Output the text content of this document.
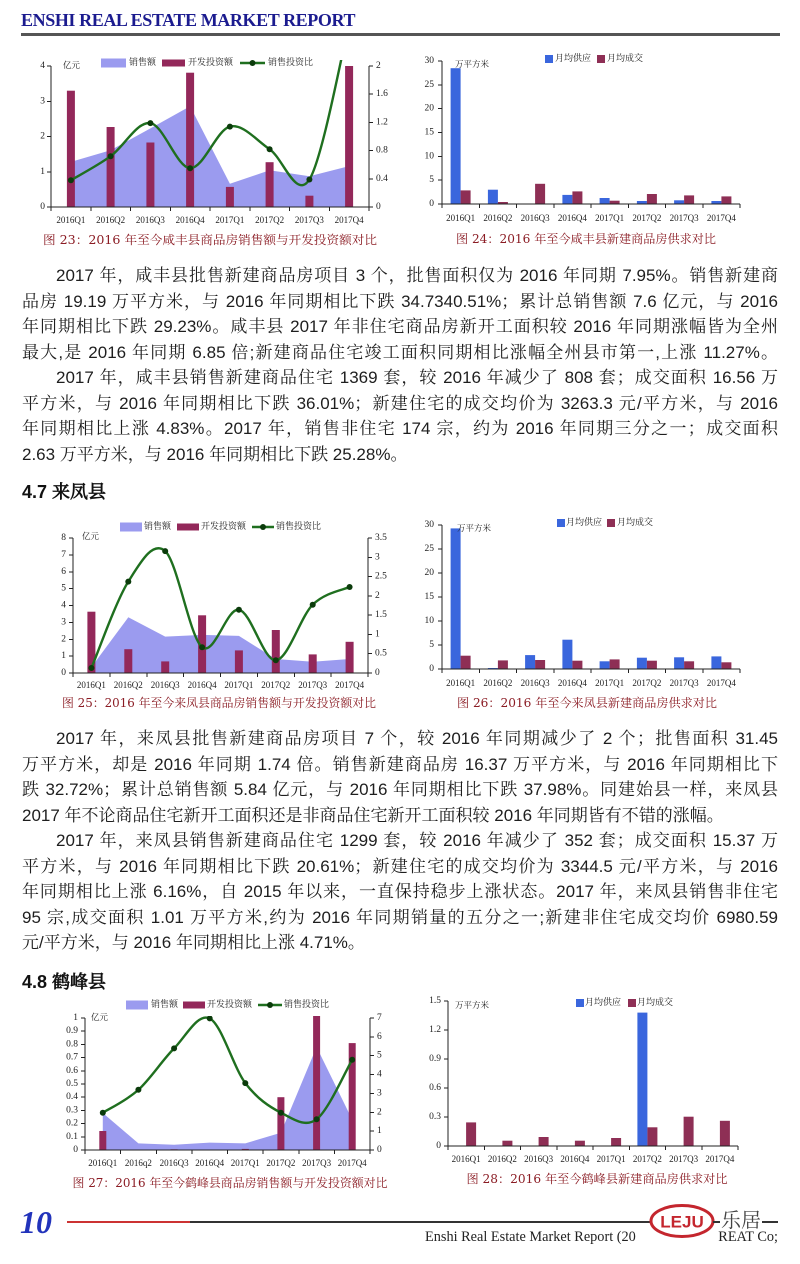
销售额	开发投资额	销售投资比
0
0.4
0.8
1.2
1.6
2
0
1
2
3
4
2016Q1 2016Q2 2016Q3 2016Q4 2017Q1 2017Q2 2017Q3 2017Q4
亿元
图 23：2016 年至今咸丰县商品房销售额与开发投资额对比
月均供应 月均成交
0
5
10
15
20
25
30
2016Q1 2016Q2 2016Q3 2016Q4 2017Q1 2017Q2 2017Q3 2017Q4
万平方米
图 24：2016 年至今咸丰县新建商品房供求对比
销售额	开发投资额	销售投资比
0
0.5
1
1.5
2
2.5
3
3.5
0
1
2
3
4
5
6
7
8
2016Q1 2016Q2 2016Q3 2016Q4 2017Q1 2017Q2 2017Q3 2017Q4
亿元
图 25：2016 年至今来凤县商品房销售额与开发投资额对比
月均供应 月均成交
0
5
10
15
20
25
30
2016Q1 2016Q2 2016Q3 2016Q4 2017Q1 2017Q2 2017Q3 2017Q4
万平方米
图 26：2016 年至今来凤县新建商品房供求对比
销售额	开发投资额	销售投资比
0
1
2
3
4
5
6
7
0
0.1
0.2
0.3
0.4
0.5
0.6
0.7
0.8
0.9
1
2016Q1 2016q2 2016Q3 2016Q4 2017Q1 2017Q2 2017Q3 2017Q4
亿元
图 27：2016 年至今鹤峰县商品房销售额与开发投资额对比
月均供应 月均成交
0
0.3
0.6
0.9
1.2
1.5
2016Q1 2016Q2 2016Q3 2016Q4 2017Q1 2017Q2 2017Q3 2017Q4
万平方米
图 28：2016 年至今鹤峰县新建商品房供求对比
ENSHI REAL ESTATE MARKET REPORT
2017 年，咸丰县批售新建商品房项目 3 个，批售面积仅为 2016 年同期 7.95%。销售新建商
品房 19.19 万平方米，与 2016 年同期相比下跌 34.7340.51%；累计总销售额 7.6 亿元，与 2016
年同期相比下跌 29.23%。咸丰县 2017 年非住宅商品房新开工面积较 2016 年同期涨幅皆为全州
最大,是 2016 年同期 6.85 倍;新建商品住宅竣工面积同期相比涨幅全州县市第一,上涨 11.27%。
2017 年，咸丰县销售新建商品住宅 1369 套，较 2016 年减少了 808 套；成交面积 16.56 万
平方米，与 2016 年同期相比下跌 36.01%；新建住宅的成交均价为 3263.3 元/平方米，与 2016
年同期相比上涨 4.83%。2017 年，销售非住宅 174 宗，约为 2016 年同期三分之一；成交面积
2.63 万平方米，与 2016 年同期相比下跌 25.28%。
4.7 来凤县
2017 年，来凤县批售新建商品房项目 7 个，较 2016 年同期减少了 2 个；批售面积 31.45
万平方米，却是 2016 年同期 1.74 倍。销售新建商品房 16.37 万平方米，与 2016 年同期相比下
跌 32.72%；累计总销售额 5.84 亿元，与 2016 年同期相比下跌 37.98%。同建始县一样，来凤县
2017 年不论商品住宅新开工面积还是非商品住宅新开工面积较 2016 年同期皆有不错的涨幅。
2017 年，来凤县销售新建商品住宅 1299 套，较 2016 年减少了 352 套；成交面积 15.37 万
平方米，与 2016 年同期相比下跌 20.61%；新建住宅的成交均价为 3344.5 元/平方米，与 2016
年同期相比上涨 6.16%，自 2015 年以来，一直保持稳步上涨状态。2017 年，来凤县销售非住宅
95 宗,成交面积 1.01 万平方米,约为 2016 年同期销量的五分之一;新建非住宅成交均价 6980.59
元/平方米，与 2016 年同期相比上涨 4.71%。
4.8 鹤峰县
10	Enshi Real Estate Market Report (20	REAT Co;
LEJU 乐居
